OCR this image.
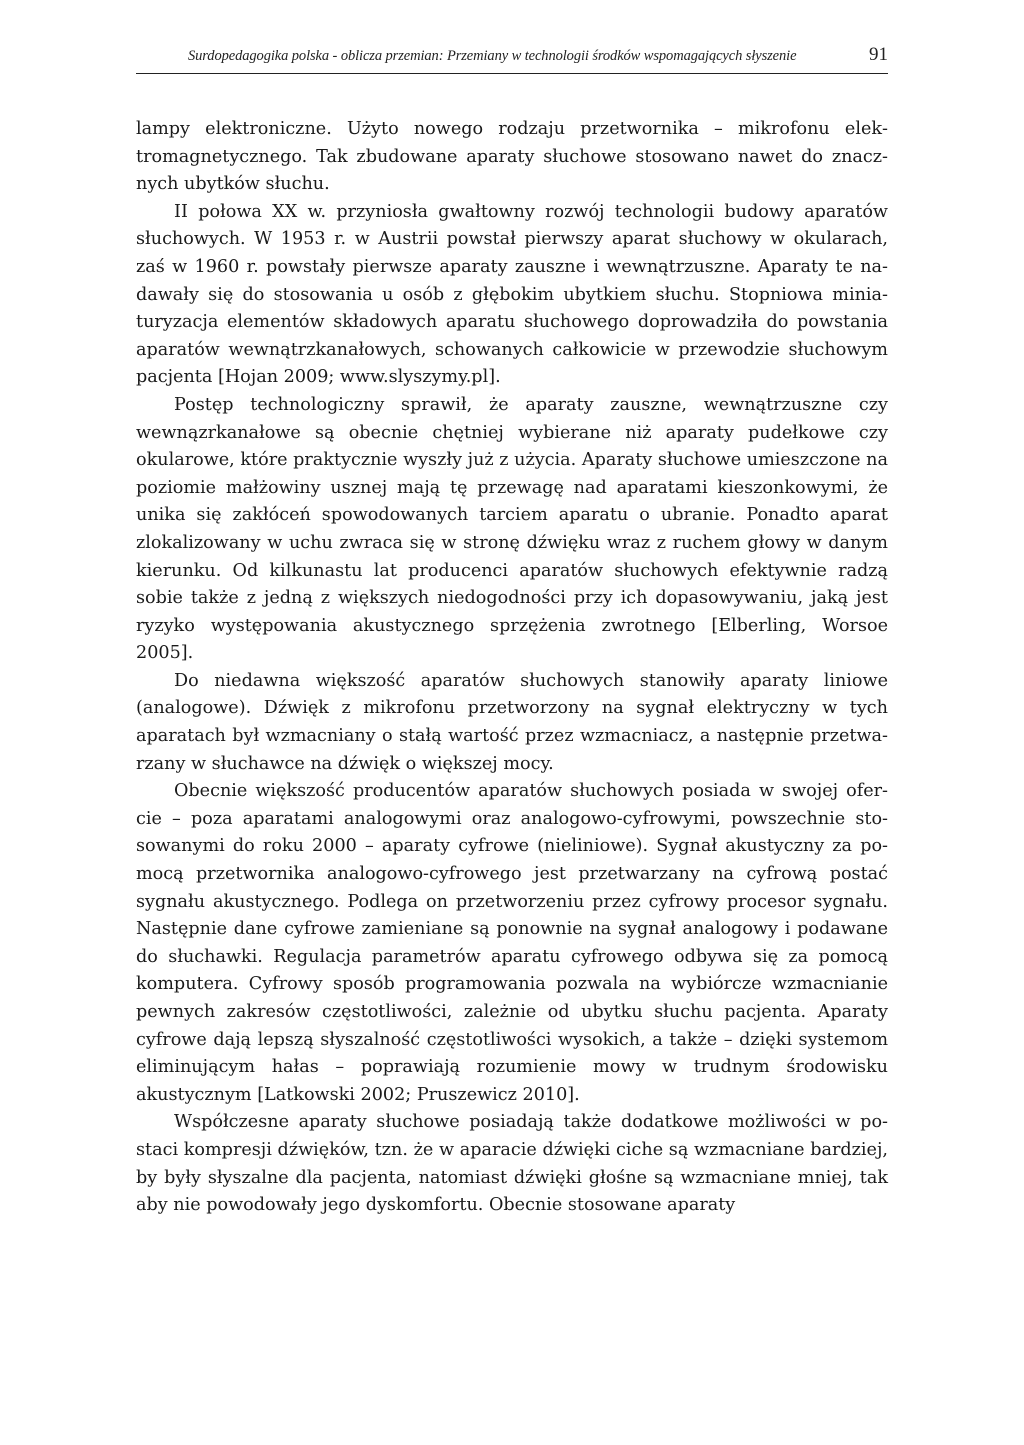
Surdopedagogika polska - oblicza przemian: Przemiany w technologii środków wspomagających słyszenie	91

lampy elektroniczne. Użyto nowego rodzaju przetwornika – mikrofonu elektromagnetycznego. Tak zbudowane aparaty słuchowe stosowano nawet do znacznych ubytków słuchu.

II połowa XX w. przyniosła gwałtowny rozwój technologii budowy aparatów słuchowych. W 1953 r. w Austrii powstał pierwszy aparat słuchowy w okularach, zaś w 1960 r. powstały pierwsze aparaty zauszne i wewnątrzuszne. Aparaty te nadawały się do stosowania u osób z głębokim ubytkiem słuchu. Stopniowa miniaturyzacja elementów składowych aparatu słuchowego doprowadziła do powstania aparatów wewnątrzkanałowych, schowanych całkowicie w przewodzie słuchowym pacjenta [Hojan 2009; www.slyszymy.pl].

Postęp technologiczny sprawił, że aparaty zauszne, wewnątrzuszne czy wewnązrkanałowe są obecnie chętniej wybierane niż aparaty pudełkowe czy okularowe, które praktycznie wyszły już z użycia. Aparaty słuchowe umieszczone na poziomie małżowiny usznej mają tę przewagę nad aparatami kieszonkowymi, że unika się zakłóceń spowodowanych tarciem aparatu o ubranie. Ponadto aparat zlokalizowany w uchu zwraca się w stronę dźwięku wraz z ruchem głowy w danym kierunku. Od kilkunastu lat producenci aparatów słuchowych efektywnie radzą sobie także z jedną z większych niedogodności przy ich dopasowywaniu, jaką jest ryzyko występowania akustycznego sprzężenia zwrotnego [Elberling, Worsoe 2005].

Do niedawna większość aparatów słuchowych stanowiły aparaty liniowe (analogowe). Dźwięk z mikrofonu przetworzony na sygnał elektryczny w tych aparatach był wzmacniany o stałą wartość przez wzmacniacz, a następnie przetwarzany w słuchawce na dźwięk o większej mocy.

Obecnie większość producentów aparatów słuchowych posiada w swojej ofercie – poza aparatami analogowymi oraz analogowo-cyfrowymi, powszechnie stosowanymi do roku 2000 – aparaty cyfrowe (nieliniowe). Sygnał akustyczny za pomocą przetwornika analogowo-cyfrowego jest przetwarzany na cyfrową postać sygnału akustycznego. Podlega on przetworzeniu przez cyfrowy procesor sygnału. Następnie dane cyfrowe zamieniane są ponownie na sygnał analogowy i podawane do słuchawki. Regulacja parametrów aparatu cyfrowego odbywa się za pomocą komputera. Cyfrowy sposób programowania pozwala na wybiórcze wzmacnianie pewnych zakresów częstotliwości, zależnie od ubytku słuchu pacjenta. Aparaty cyfrowe dają lepszą słyszalność częstotliwości wysokich, a także – dzięki systemom eliminującym hałas – poprawiają rozumienie mowy w trudnym środowisku akustycznym [Latkowski 2002; Pruszewicz 2010].

Współczesne aparaty słuchowe posiadają także dodatkowe możliwości w postaci kompresji dźwięków, tzn. że w aparacie dźwięki ciche są wzmacniane bardziej, by były słyszalne dla pacjenta, natomiast dźwięki głośne są wzmacniane mniej, tak aby nie powodowały jego dyskomfortu. Obecnie stosowane aparaty
